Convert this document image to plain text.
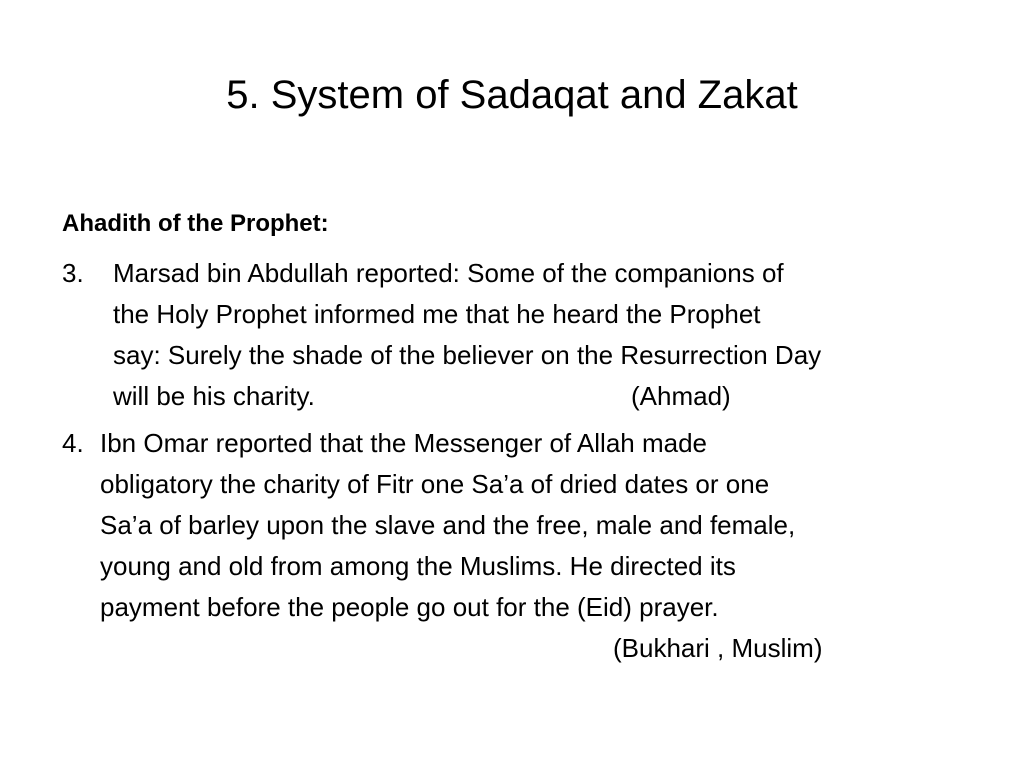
5. System of Sadaqat and Zakat
Ahadith of the Prophet:
3. Marsad bin Abdullah reported: Some of the companions of
the Holy Prophet informed me that he heard the Prophet
say: Surely the shade of the believer on the Resurrection Day
will be his charity.	(Ahmad)
4. Ibn Omar reported that the Messenger of Allah made
obligatory the charity of Fitr one Sa’a of dried dates or one
Sa’a of barley upon the slave and the free, male and female,
young and old from among the Muslims. He directed its
payment before the people go out for the (Eid) prayer.
(Bukhari , Muslim)
